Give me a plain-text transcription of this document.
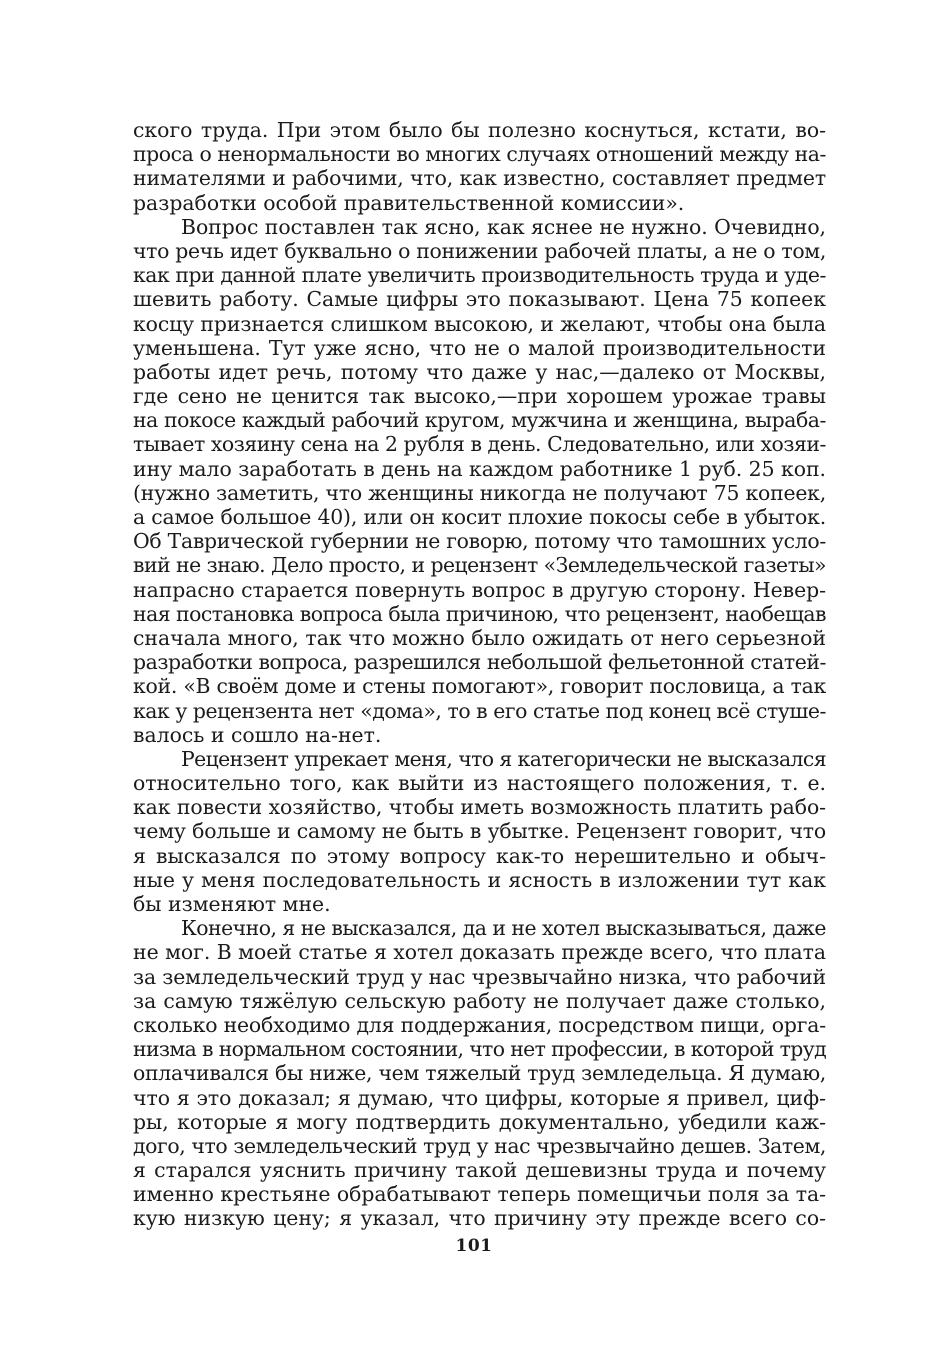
ского труда. При этом было бы полезно коснуться, кстати, во-
проса о ненормальности во многих случаях отношений между на-
нимателями и рабочими, что, как известно, составляет предмет
разработки особой правительственной комиссии».
Вопрос поставлен так ясно, как яснее не нужно. Очевидно,
что речь идет буквально о понижении рабочей платы, а не о том,
как при данной плате увеличить производительность труда и уде-
шевить работу. Самые цифры это показывают. Цена 75 копеек
косцу признается слишком высокою, и желают, чтобы она была
уменьшена. Тут уже ясно, что не о малой производительности
работы идет речь, потому что даже у нас,—далеко от Москвы,
где сено не ценится так высоко,—при хорошем урожае травы
на покосе каждый рабочий кругом, мужчина и женщина, выраба-
тывает хозяину сена на 2 рубля в день. Следовательно, или хозяи-
ину мало заработать в день на каждом работнике 1 руб. 25 коп.
(нужно заметить, что женщины никогда не получают 75 копеек,
а самое большое 40), или он косит плохие покосы себе в убыток.
Об Таврической губернии не говорю, потому что тамошних усло-
вий не знаю. Дело просто, и рецензент «Земледельческой газеты»
напрасно старается повернуть вопрос в другую сторону. Невер-
ная постановка вопроса была причиною, что рецензент, наобещав
сначала много, так что можно было ожидать от него серьезной
разработки вопроса, разрешился небольшой фельетонной статей-
кой. «В своём доме и стены помогают», говорит пословица, а так
как у рецензента нет «дома», то в его статье под конец всё стуше-
валось и сошло на-нет.
Рецензент упрекает меня, что я категорически не высказался
относительно того, как выйти из настоящего положения, т. е.
как повести хозяйство, чтобы иметь возможность платить рабо-
чему больше и самому не быть в убытке. Рецензент говорит, что
я высказался по этому вопросу как-то нерешительно и обыч-
ные у меня последовательность и ясность в изложении тут как
бы изменяют мне.
Конечно, я не высказался, да и не хотел высказываться, даже
не мог. В моей статье я хотел доказать прежде всего, что плата
за земледельческий труд у нас чрезвычайно низка, что рабочий
за самую тяжёлую сельскую работу не получает даже столько,
сколько необходимо для поддержания, посредством пищи, орга-
низма в нормальном состоянии, что нет профессии, в которой труд
оплачивался бы ниже, чем тяжелый труд земледельца. Я думаю,
что я это доказал; я думаю, что цифры, которые я привел, циф-
ры, которые я могу подтвердить документально, убедили каж-
дого, что земледельческий труд у нас чрезвычайно дешев. Затем,
я старался уяснить причину такой дешевизны труда и почему
именно крестьяне обрабатывают теперь помещичьи поля за та-
кую низкую цену; я указал, что причину эту прежде всего со-
101
